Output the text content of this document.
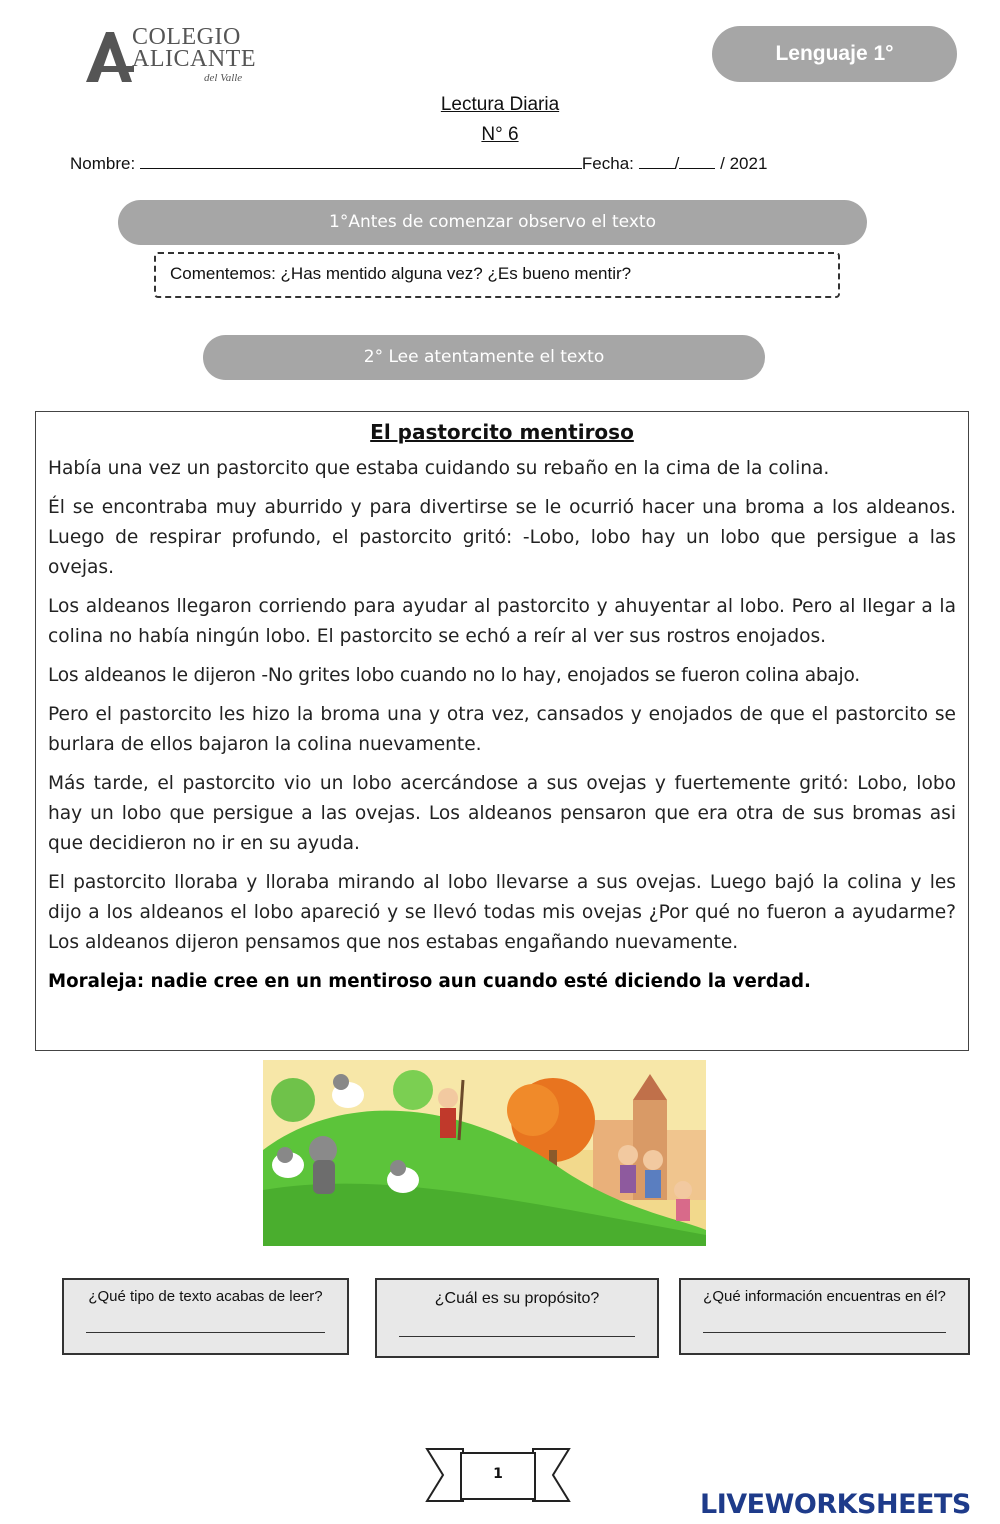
COLEGIO
ALICANTE
del Valle
Lenguaje 1°
Lectura Diaria
N° 6
Nombre:	Fecha: / / 2021
1°Antes de comenzar observo el texto
Comentemos: ¿Has mentido alguna vez? ¿Es bueno mentir?
2° Lee atentamente el texto
El pastorcito mentiroso

Había una vez un pastorcito que estaba cuidando su rebaño en la cima de la colina.

Él se encontraba muy aburrido y para divertirse se le ocurrió hacer una broma a los aldeanos. Luego de respirar profundo, el pastorcito gritó: -Lobo, lobo hay un lobo que persigue a las ovejas.

Los aldeanos llegaron corriendo para ayudar al pastorcito y ahuyentar al lobo. Pero al llegar a la colina no había ningún lobo. El pastorcito se echó a reír al ver sus rostros enojados.

Los aldeanos le dijeron -No grites lobo cuando no lo hay, enojados se fueron colina abajo.

Pero el pastorcito les hizo la broma una y otra vez, cansados y enojados de que el pastorcito se burlara de ellos bajaron la colina nuevamente.

Más tarde, el pastorcito vio un lobo acercándose a sus ovejas y fuertemente gritó: Lobo, lobo hay un lobo que persigue a las ovejas. Los aldeanos pensaron que era otra de sus bromas asi que decidieron no ir en su ayuda.

El pastorcito lloraba y lloraba mirando al lobo llevarse a sus ovejas. Luego bajó la colina y les dijo a los aldeanos el lobo apareció y se llevó todas mis ovejas ¿Por qué no fueron a ayudarme? Los aldeanos dijeron pensamos que nos estabas engañando nuevamente.

Moraleja: nadie cree en un mentiroso aun cuando esté diciendo la verdad.

¿Qué tipo de texto acabas de leer?	¿Cuál es su propósito?	¿Qué información encuentras en él?
1
LIVEWORKSHEETS
